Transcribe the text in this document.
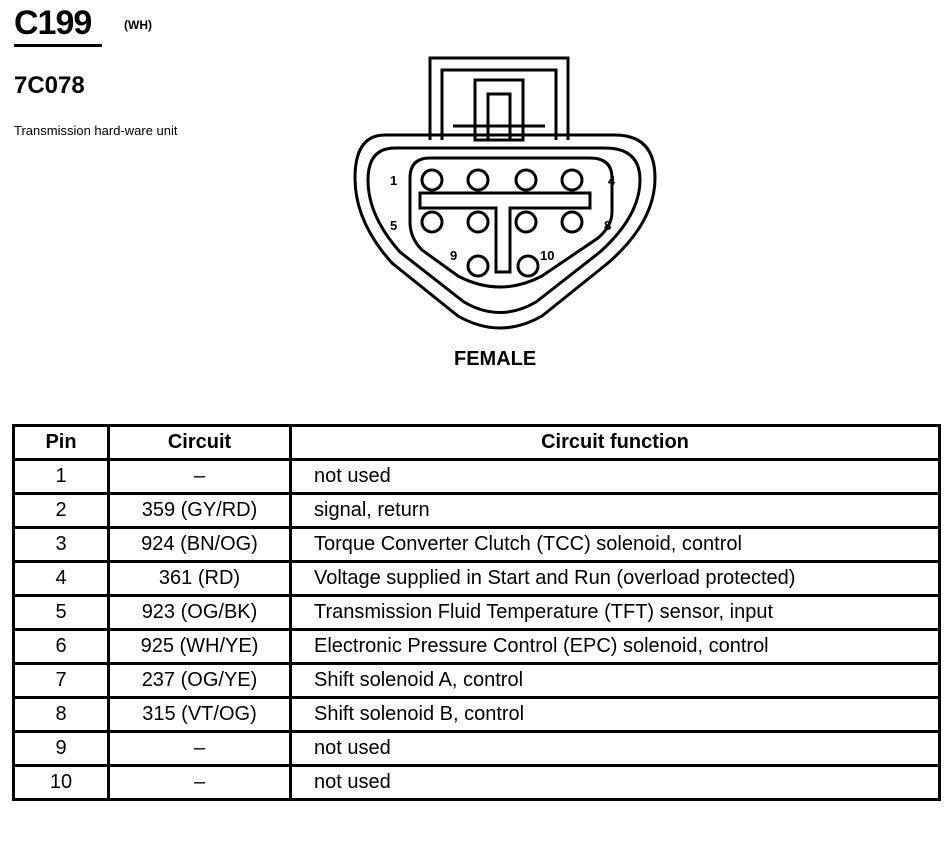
C199	(WH)
7C078
Transmission hard-ware unit
1	4
5	8
9	10
FEMALE
Pin	Circuit	Circuit function
1	–	not used
2	359 (GY/RD)	signal, return
3	924 (BN/OG)	Torque Converter Clutch (TCC) solenoid, control
4	361 (RD)	Voltage supplied in Start and Run (overload protected)
5	923 (OG/BK)	Transmission Fluid Temperature (TFT) sensor, input
6	925 (WH/YE)	Electronic Pressure Control (EPC) solenoid, control
7	237 (OG/YE)	Shift solenoid A, control
8	315 (VT/OG)	Shift solenoid B, control
9	–	not used
10	–	not used
